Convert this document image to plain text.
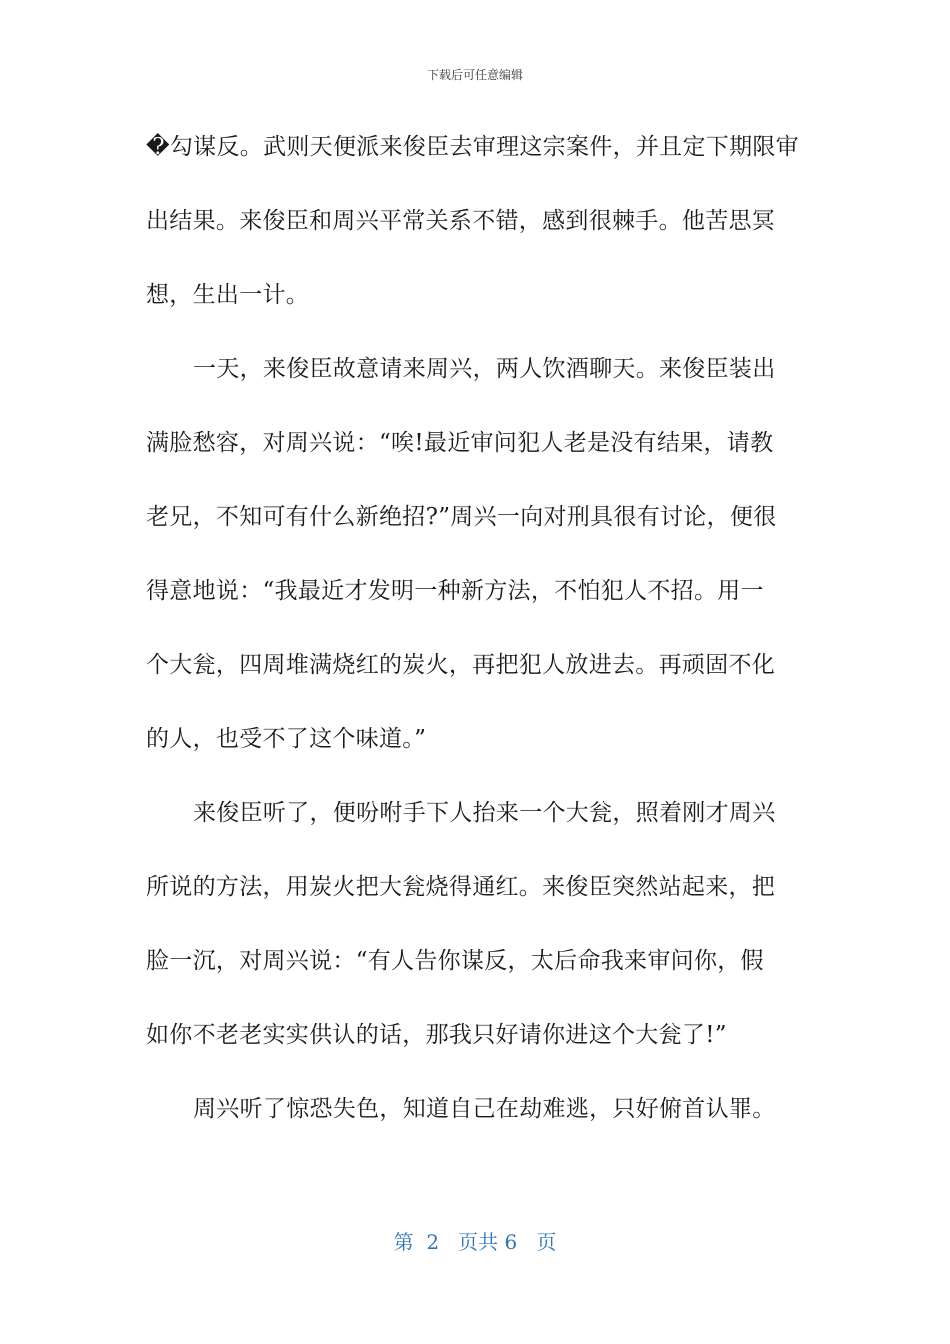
下载后可任意编辑
�勾谋反。武则天便派来俊臣去审理这宗案件，并且定下期限审
出结果。来俊臣和周兴平常关系不错，感到很棘手。他苦思冥
想，生出一计。
一天，来俊臣故意请来周兴，两人饮酒聊天。来俊臣装出
满脸愁容，对周兴说：“唉!最近审问犯人老是没有结果，请教
老兄，不知可有什么新绝招?”周兴一向对刑具很有讨论，便很
得意地说：“我最近才发明一种新方法，不怕犯人不招。用一
个大瓮，四周堆满烧红的炭火，再把犯人放进去。再顽固不化
的人，也受不了这个味道。”
来俊臣听了，便吩咐手下人抬来一个大瓮，照着刚才周兴
所说的方法，用炭火把大瓮烧得通红。来俊臣突然站起来，把
脸一沉，对周兴说：“有人告你谋反，太后命我来审问你，假
如你不老老实实供认的话，那我只好请你进这个大瓮了!”
周兴听了惊恐失色，知道自己在劫难逃，只好俯首认罪。
第  2   页共 6   页
